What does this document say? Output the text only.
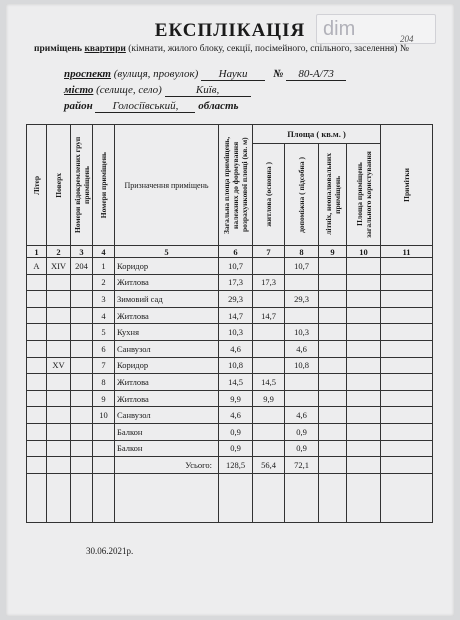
dim	204
ЕКСПЛІКАЦІЯ
приміщень квартири (кімнати, жилого блоку, секції, посімейного, спільного, заселення) №
проспект (вулиця, провулок) Науки № 80-А/73
місто (селище, село)	Київ,
район Голосіївський, область
Літер	Поверх	Номери відокремлених груп приміщень	Номери приміщень	Призначення приміщень	Загальна площа приміщень, належних до формування розрахункової площі (кв. м)	Площа ( кв.м. )				Примітки

						житлова (основна )	допоміжна ( підсобна )	літніх, неопалювальних приміщень	Площа приміщень загального користування	

1	2	3	4	5	6	7	8	9	10	11
А	XIV	204	1	Коридор	10,7		10,7			
			2	Житлова	17,3	17,3				
			3	Зимовий сад	29,3		29,3			
			4	Житлова	14,7	14,7				
			5	Кухня	10,3		10,3			
			6	Санвузол	4,6		4,6			
	XV		7	Коридор	10,8		10,8			
			8	Житлова	14,5	14,5				
			9	Житлова	9,9	9,9				
			10	Санвузол	4,6		4,6			
				Балкон	0,9		0,9			
				Балкон	0,9		0,9			
				Усього:	128,5	56,4	72,1			

30.06.2021р.
